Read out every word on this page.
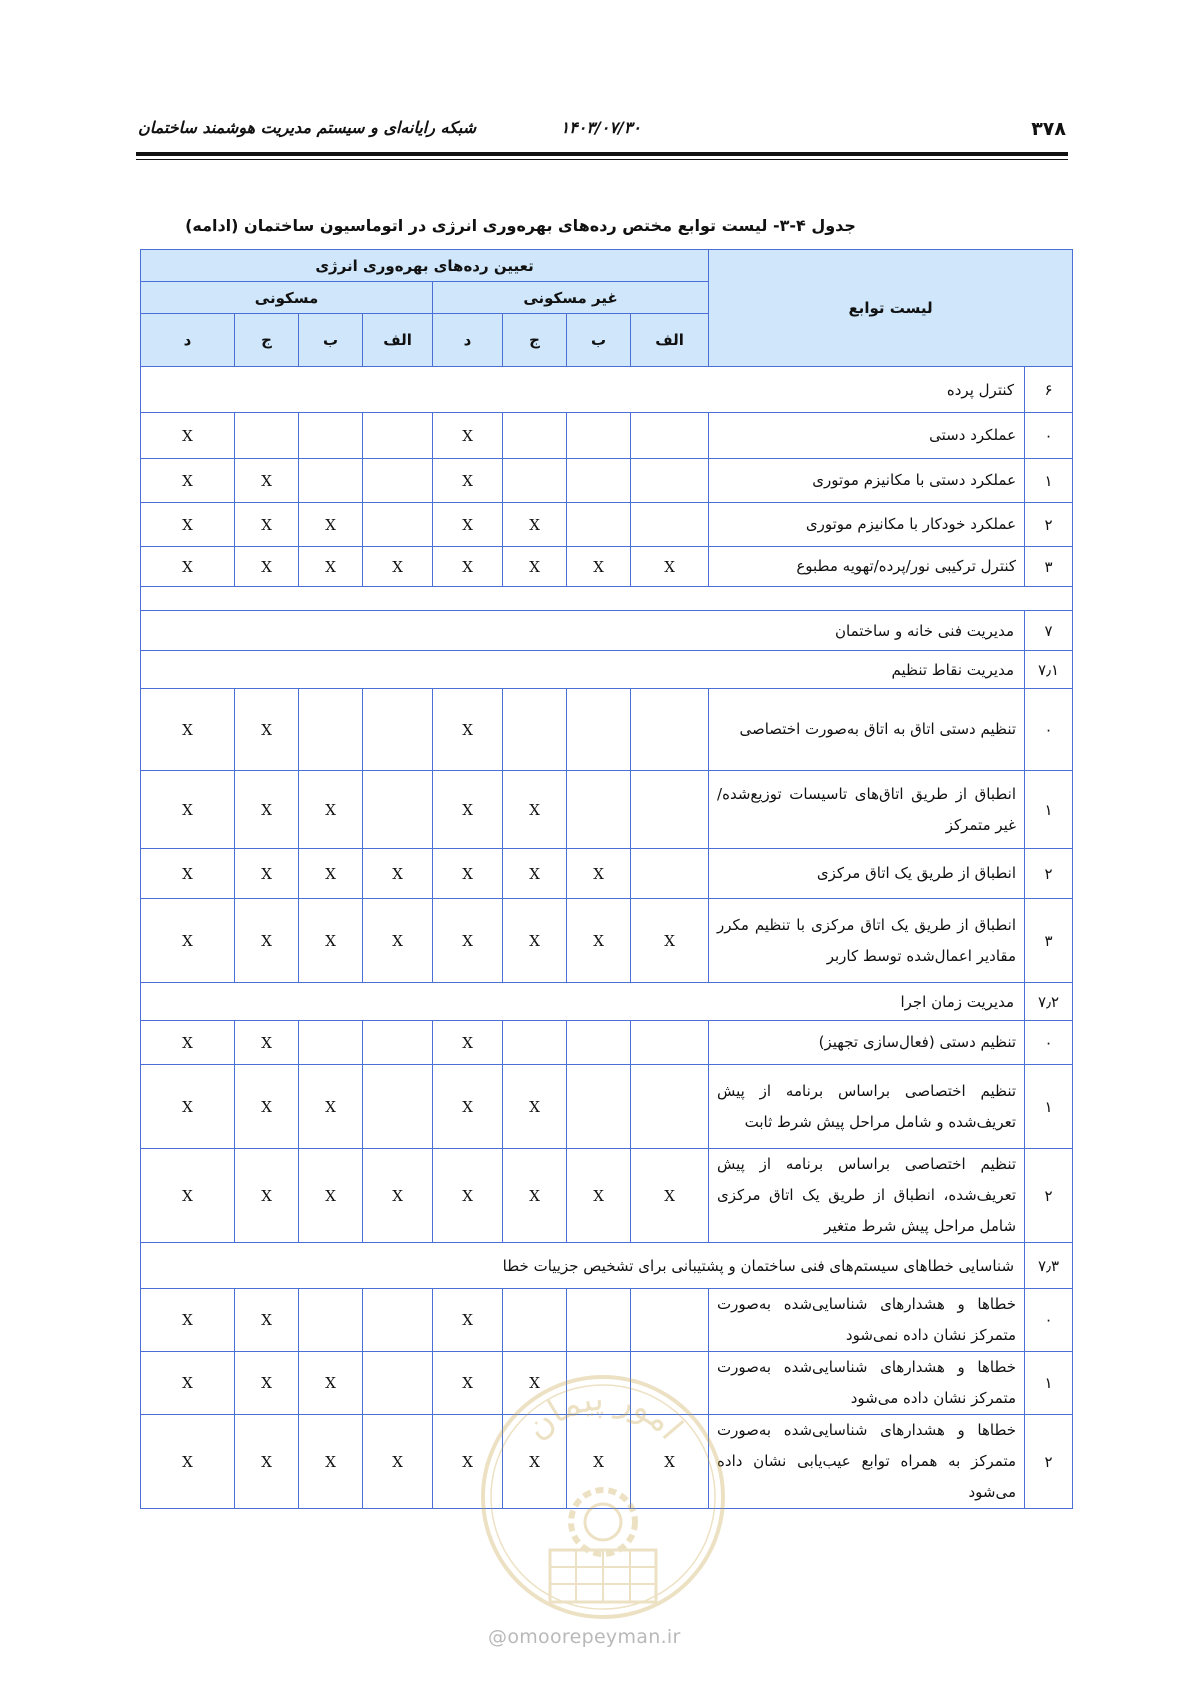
۳۷۸
۱۴۰۳/۰۷/۳۰
شبکه رایانه‌ای و سیستم مدیریت هوشمند ساختمان
جدول ۴-۳- لیست توابع مختص رده‌های بهره‌وری انرژی در اتوماسیون ساختمان (ادامه)
لیست توابع		تعیین رده‌های بهره‌وری انرژی							
		غیر مسکونی				مسکونی			
		الف	ب	ج	د	الف	ب	ج	د
۶	کنترل پرده								
۰	عملکرد دستی				X				X
۱	عملکرد دستی با مکانیزم موتوری				X			X	X
۲	عملکرد خودکار با مکانیزم موتوری			X	X		X	X	X
۳	کنترل ترکیبی نور/پرده/تهویه مطبوع	X	X	X	X	X	X	X	X

۷	مدیریت فنی خانه و ساختمان								
۷٫۱	مدیریت نقاط تنظیم								
۰	تنظیم دستی اتاق به اتاق به‌صورت اختصاصی				X			X	X
۱	انطباق از طریق اتاق‌های تاسیسات توزیع‌شده/غیر متمرکز			X	X		X	X	X
۲	انطباق از طریق یک اتاق مرکزی		X	X	X	X	X	X	X
۳	انطباق از طریق یک اتاق مرکزی با تنظیم مکرر مقادیر اعمال‌شده توسط کاربر	X	X	X	X	X	X	X	X
۷٫۲	مدیریت زمان اجرا								
۰	تنظیم دستی (فعال‌سازی تجهیز)				X			X	X
۱	تنظیم اختصاصی براساس برنامه از پیش تعریف‌شده و شامل مراحل پیش شرط ثابت			X	X		X	X	X
۲	تنظیم اختصاصی براساس برنامه از پیش تعریف‌شده، انطباق از طریق یک اتاق مرکزی شامل مراحل پیش شرط متغیر	X	X	X	X	X	X	X	X
۷٫۳	شناسایی خطاهای سیستم‌های فنی ساختمان و پشتیبانی برای تشخیص جزییات خطا								
۰	خطاها و هشدارهای شناسایی‌شده به‌صورت متمرکز نشان داده نمی‌شود				X			X	X
۱	خطاها و هشدارهای شناسایی‌شده به‌صورت متمرکز نشان داده می‌شود			X	X		X	X	X
۲	خطاها و هشدارهای شناسایی‌شده به‌صورت متمرکز به همراه توابع عیب‌یابی نشان داده می‌شود	X	X	X	X	X	X	X	X
امور پیمان
@omoorepeyman.ir
